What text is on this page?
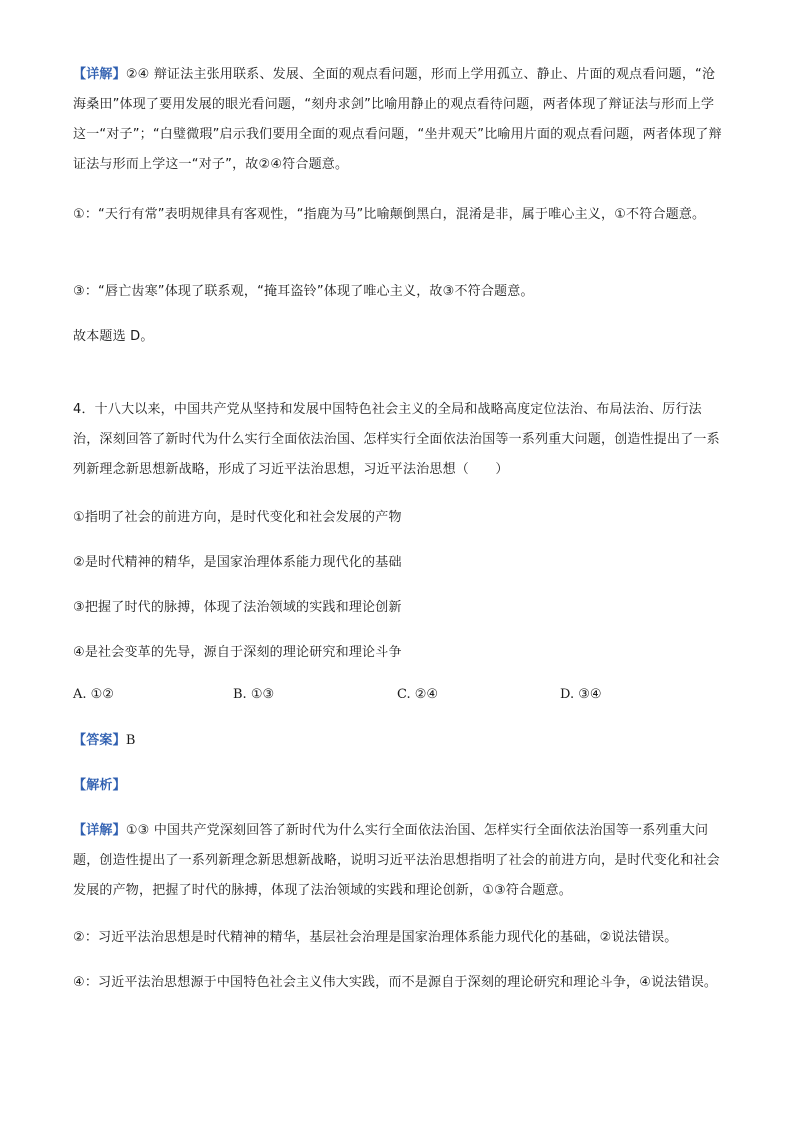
【详解】②④ 辩证法主张用联系、发展、全面的观点看问题，形而上学用孤立、静止、片面的观点看问题，“沧海桑田”体现了要用发展的眼光看问题，“刻舟求剑”比喻用静止的观点看待问题，两者体现了辩证法与形而上学这一“对子”；“白璧微瑕”启示我们要用全面的观点看问题，“坐井观天”比喻用片面的观点看问题，两者体现了辩证法与形而上学这一“对子”，故②④符合题意。
①：“天行有常”表明规律具有客观性，“指鹿为马”比喻颠倒黑白，混淆是非，属于唯心主义，①不符合题意。
③：“唇亡齿寒”体现了联系观，“掩耳盗铃”体现了唯心主义，故③不符合题意。
故本题选 D。
4．十八大以来，中国共产党从坚持和发展中国特色社会主义的全局和战略高度定位法治、布局法治、厉行法治，深刻回答了新时代为什么实行全面依法治国、怎样实行全面依法治国等一系列重大问题，创造性提出了一系列新理念新思想新战略，形成了习近平法治思想，习近平法治思想（　　）
①指明了社会的前进方向，是时代变化和社会发展的产物
②是时代精神的精华，是国家治理体系能力现代化的基础
③把握了时代的脉搏，体现了法治领域的实践和理论创新
④是社会变革的先导，源自于深刻的理论研究和理论斗争
A. ①②	B. ①③	C. ②④	D. ③④
【答案】B
【解析】
【详解】①③ 中国共产党深刻回答了新时代为什么实行全面依法治国、怎样实行全面依法治国等一系列重大问题，创造性提出了一系列新理念新思想新战略，说明习近平法治思想指明了社会的前进方向，是时代变化和社会发展的产物，把握了时代的脉搏，体现了法治领域的实践和理论创新，①③符合题意。
②：习近平法治思想是时代精神的精华，基层社会治理是国家治理体系能力现代化的基础，②说法错误。
④：习近平法治思想源于中国特色社会主义伟大实践，而不是源自于深刻的理论研究和理论斗争，④说法错误。
